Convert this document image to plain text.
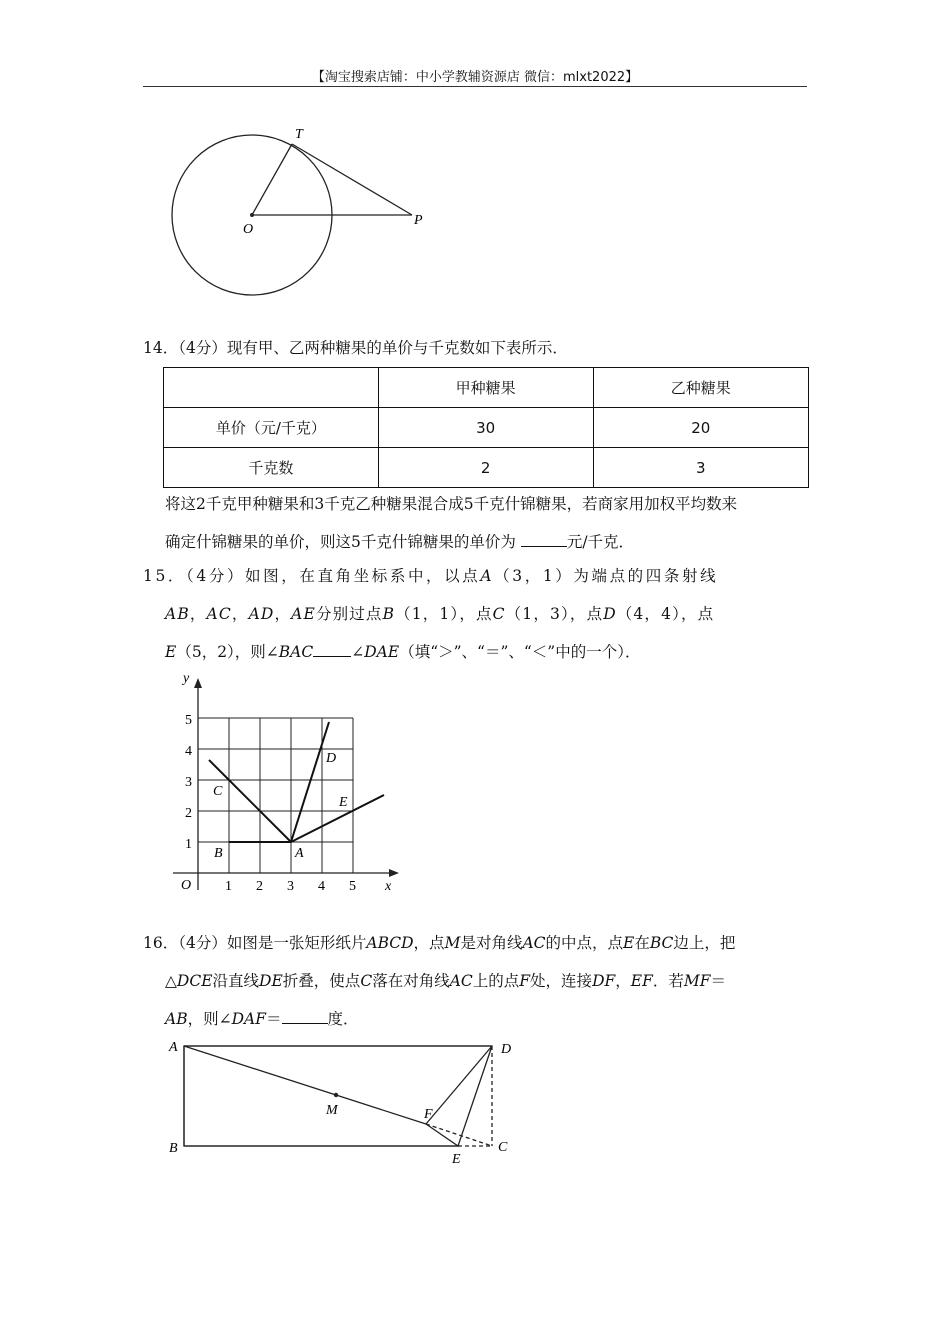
【淘宝搜索店铺：中小学教辅资源店 微信：mlxt2022】
T
O
P
14．（4分）现有甲、乙两种糖果的单价与千克数如下表所示．
	甲种糖果	乙种糖果
单价（元/千克）	30	20
千克数	2	3
将这2千克甲种糖果和3千克乙种糖果混合成5千克什锦糖果，若商家用加权平均数来
确定什锦糖果的单价，则这5千克什锦糖果的单价为	元/千克．
15．（4分）如图，在直角坐标系中，以点A（3，1）为端点的四条射线
AB，AC，AD，AE分别过点B（1，1），点C（1，3），点D（4，4），点
E（5，2），则∠BAC ∠DAE（填“＞”、“＝”、“＜”中的一个）．
1 2 3 4 5
1
2
3
4
5
O	x
y
A
B
C
D
E
16．（4分）如图是一张矩形纸片ABCD，点M是对角线AC的中点，点E在BC边上，把
△DCE沿直线DE折叠，使点C落在对角线AC上的点F处，连接DF，EF．若MF＝
AB，则∠DAF＝	度．
A
B	C
D
M	F
E
